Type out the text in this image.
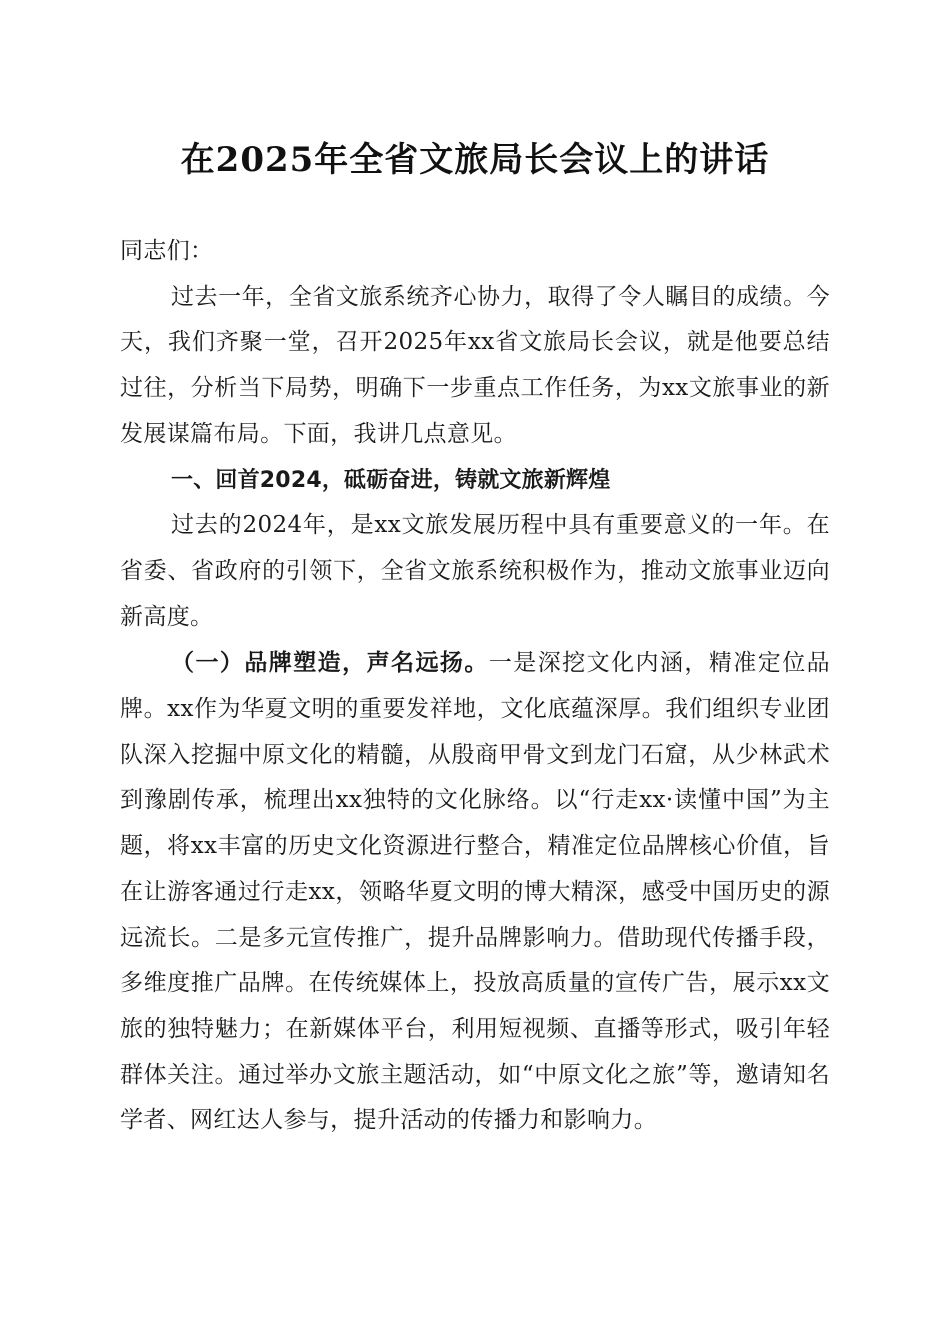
在2025年全省文旅局长会议上的讲话

同志们：

过去一年，全省文旅系统齐心协力，取得了令人瞩目的成绩。今天，我们齐聚一堂，召开2025年xx省文旅局长会议，就是他要总结过往，分析当下局势，明确下一步重点工作任务，为xx文旅事业的新发展谋篇布局。下面，我讲几点意见。

一、回首2024，砥砺奋进，铸就文旅新辉煌

过去的2024年，是xx文旅发展历程中具有重要意义的一年。在省委、省政府的引领下，全省文旅系统积极作为，推动文旅事业迈向新高度。

（一）品牌塑造，声名远扬。一是深挖文化内涵，精准定位品牌。xx作为华夏文明的重要发祥地，文化底蕴深厚。我们组织专业团队深入挖掘中原文化的精髓，从殷商甲骨文到龙门石窟，从少林武术到豫剧传承，梳理出xx独特的文化脉络。以“行走xx·读懂中国”为主题，将xx丰富的历史文化资源进行整合，精准定位品牌核心价值，旨在让游客通过行走xx，领略华夏文明的博大精深，感受中国历史的源远流长。二是多元宣传推广，提升品牌影响力。借助现代传播手段，多维度推广品牌。在传统媒体上，投放高质量的宣传广告，展示xx文旅的独特魅力；在新媒体平台，利用短视频、直播等形式，吸引年轻群体关注。通过举办文旅主题活动，如“中原文化之旅”等，邀请知名学者、网红达人参与，提升活动的传播力和影响力。
